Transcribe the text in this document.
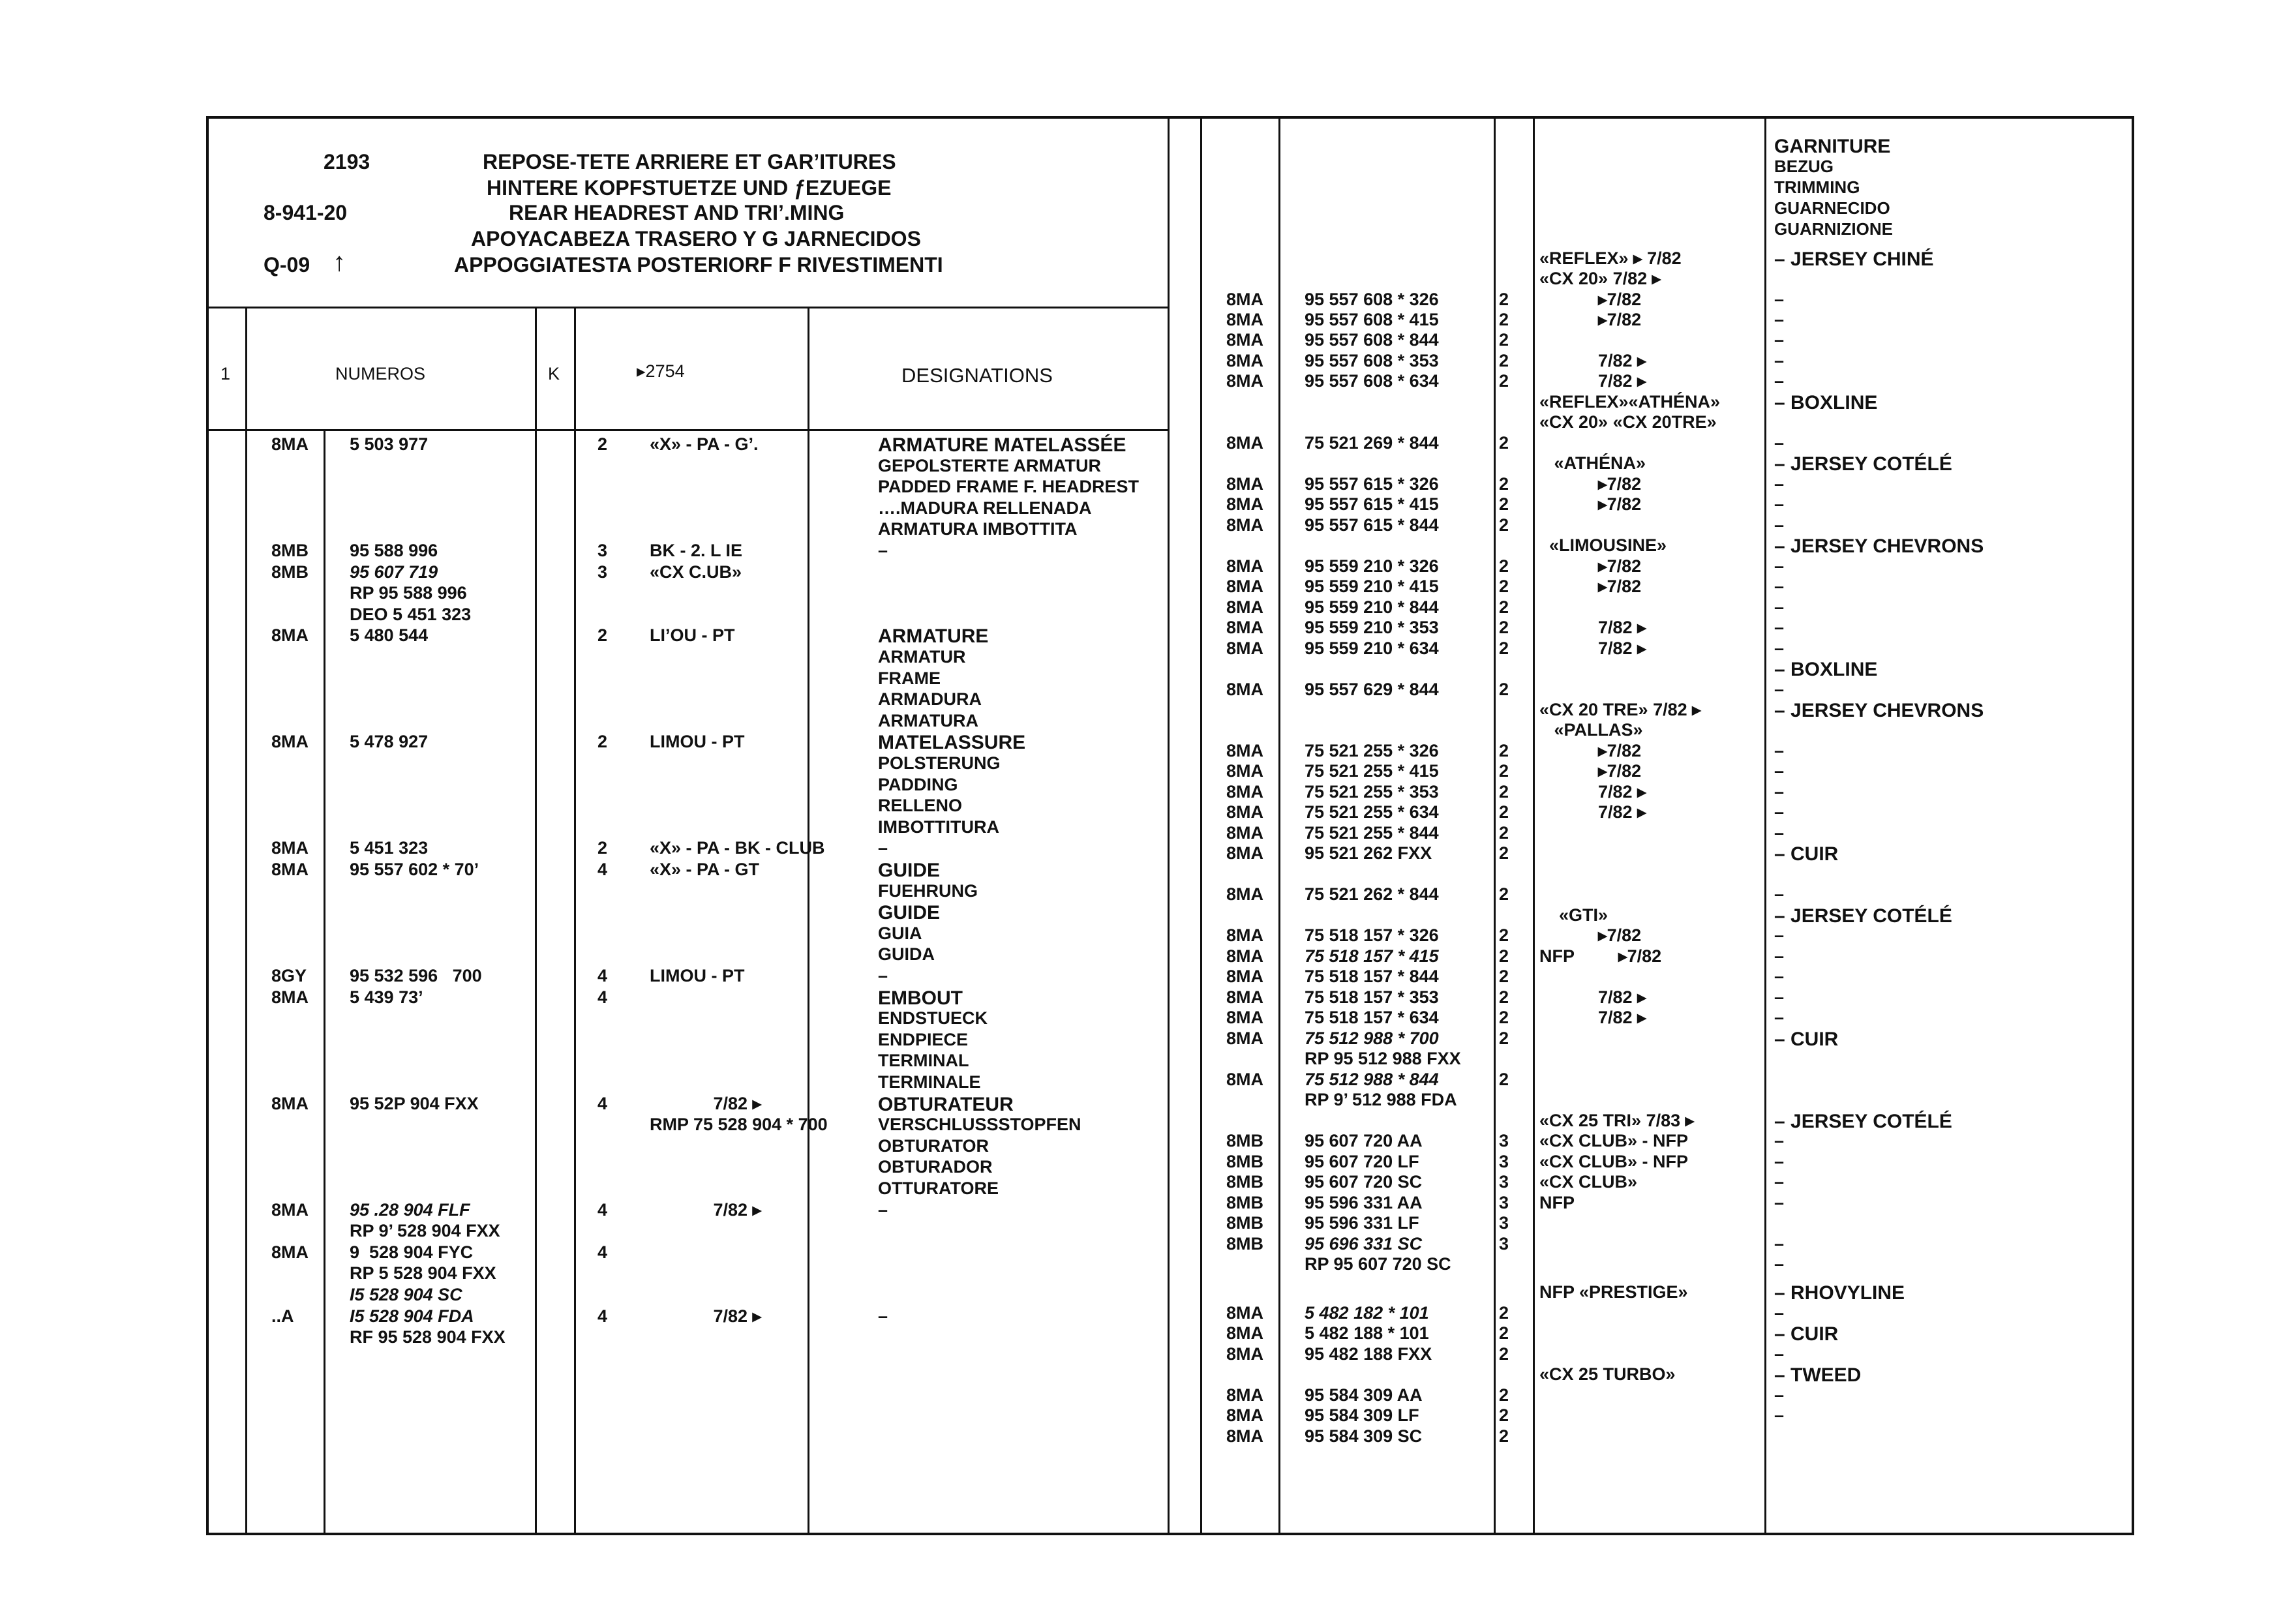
2193
8-941-20
Q-09 ↑
REPOSE-TETE ARRIERE ET GAR’ITURES
HINTERE KOPFSTUETZE UND ƒEZUEGE
REAR HEADREST AND TRI’.MING
APOYACABEZA TRASERO Y G JARNECIDOS
APPOGGIATESTA POSTERIORF F RIVESTIMENTI
1	NUMEROS	K	▸2754	DESIGNATIONS
8MA 5 503 977	2 «X» - PA - G’.	ARMATURE MATELASSÉE
GEPOLSTERTE ARMATUR
PADDED FRAME F. HEADREST
….MADURA RELLENADA
ARMATURA IMBOTTITA
8MB 95 588 996	3 BK - 2. L IE	–
8MB 95 607 719	3 «CX C.UB»
RP 95 588 996
DEO 5 451 323
8MA 5 480 544	2 LI’OU - PT	ARMATURE
ARMATUR
FRAME
ARMADURA
ARMATURA
8MA 5 478 927	2 LIMOU - PT	MATELASSURE
POLSTERUNG
PADDING
RELLENO
IMBOTTITURA
8MA 5 451 323	2 «X» - PA - BK - CLUB	–
8MA 95 557 602 * 70’	4 «X» - PA - GT	GUIDE
FUEHRUNG
GUIDE
GUIA
GUIDA
8GY 95 532 596   700	4 LIMOU - PT	–
8MA 5 439 73’	4	EMBOUT
ENDSTUECK
ENDPIECE
TERMINAL
TERMINALE
8MA 95 52P 904 FXX	4 7/82 ▸	OBTURATEUR
RMP 75 528 904 * 700	VERSCHLUSSSTOPFEN
OBTURATOR
OBTURADOR
OTTURATORE
8MA 95 .28 904 FLF	4 7/82 ▸	–
RP 9’ 528 904 FXX
8MA 9  528 904 FYC	4
RP 5 528 904 FXX
I5 528 904 SC
..A	I5 528 904 FDA	4 7/82 ▸	–
RF 95 528 904 FXX
GARNITURE
BEZUG
TRIMMING
GUARNECIDO
GUARNIZIONE
«REFLEX» ▸ 7/82	– JERSEY CHINÉ
«CX 20» 7/82 ▸
8MA 95 557 608 * 326	2 ▸7/82	–
8MA 95 557 608 * 415	2 ▸7/82	–
8MA 95 557 608 * 844	2	–
8MA 95 557 608 * 353	2 7/82 ▸	–
8MA 95 557 608 * 634	2 7/82 ▸	–
«REFLEX»«ATHÉNA»	– BOXLINE
«CX 20» «CX 20TRE»
8MA 75 521 269 * 844	2	–
«ATHÉNA»	– JERSEY COTÉLÉ
8MA 95 557 615 * 326	2 ▸7/82	–
8MA 95 557 615 * 415	2 ▸7/82	–
8MA 95 557 615 * 844	2	–
«LIMOUSINE»	– JERSEY CHEVRONS
8MA 95 559 210 * 326	2 ▸7/82	–
8MA 95 559 210 * 415	2 ▸7/82	–
8MA 95 559 210 * 844	2	–
8MA 95 559 210 * 353	2 7/82 ▸	–
8MA 95 559 210 * 634	2 7/82 ▸	–
– BOXLINE
8MA 95 557 629 * 844	2	–
«CX 20 TRE» 7/82 ▸	– JERSEY CHEVRONS
«PALLAS»
8MA 75 521 255 * 326	2 ▸7/82	–
8MA 75 521 255 * 415	2 ▸7/82	–
8MA 75 521 255 * 353	2 7/82 ▸	–
8MA 75 521 255 * 634	2 7/82 ▸	–
8MA 75 521 255 * 844	2	–
8MA 95 521 262 FXX	2	– CUIR
8MA 75 521 262 * 844	2	–
«GTI»	– JERSEY COTÉLÉ
8MA 75 518 157 * 326	2 ▸7/82	–
8MA 75 518 157 * 415	2 NFP         ▸7/82	–
8MA 75 518 157 * 844	2	–
8MA 75 518 157 * 353	2 7/82 ▸	–
8MA 75 518 157 * 634	2 7/82 ▸	–
8MA 75 512 988 * 700	2	– CUIR
RP 95 512 988 FXX
8MA 75 512 988 * 844	2
RP 9’ 512 988 FDA
«CX 25 TRI» 7/83 ▸	– JERSEY COTÉLÉ
8MB 95 607 720 AA	3 «CX CLUB» - NFP	–
8MB 95 607 720 LF	3 «CX CLUB» - NFP	–
8MB 95 607 720 SC	3 «CX CLUB»	–
8MB 95 596 331 AA	3 NFP	–
8MB 95 596 331 LF	3
8MB 95 696 331 SC	3	–
RP 95 607 720 SC	–
NFP «PRESTIGE»	– RHOVYLINE
8MA 5 482 182 * 101	2	–
8MA 5 482 188 * 101	2	– CUIR
8MA 95 482 188 FXX	2	–
«CX 25 TURBO»	– TWEED
8MA 95 584 309 AA	2	–
8MA 95 584 309 LF	2	–
8MA 95 584 309 SC	2
